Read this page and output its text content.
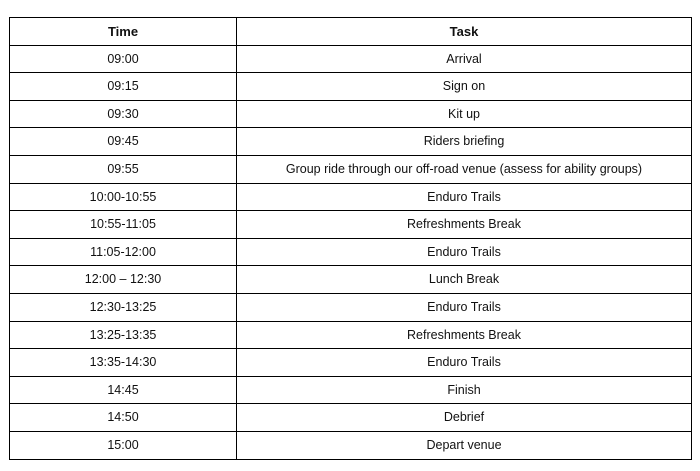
Time	Task
09:00	Arrival
09:15	Sign on
09:30	Kit up
09:45	Riders briefing
09:55	Group ride through our off-road venue (assess for ability groups)
10:00-10:55	Enduro Trails
10:55-11:05	Refreshments Break
11:05-12:00	Enduro Trails
12:00 – 12:30	Lunch Break
12:30-13:25	Enduro Trails
13:25-13:35	Refreshments Break
13:35-14:30	Enduro Trails
14:45	Finish
14:50	Debrief
15:00	Depart venue
